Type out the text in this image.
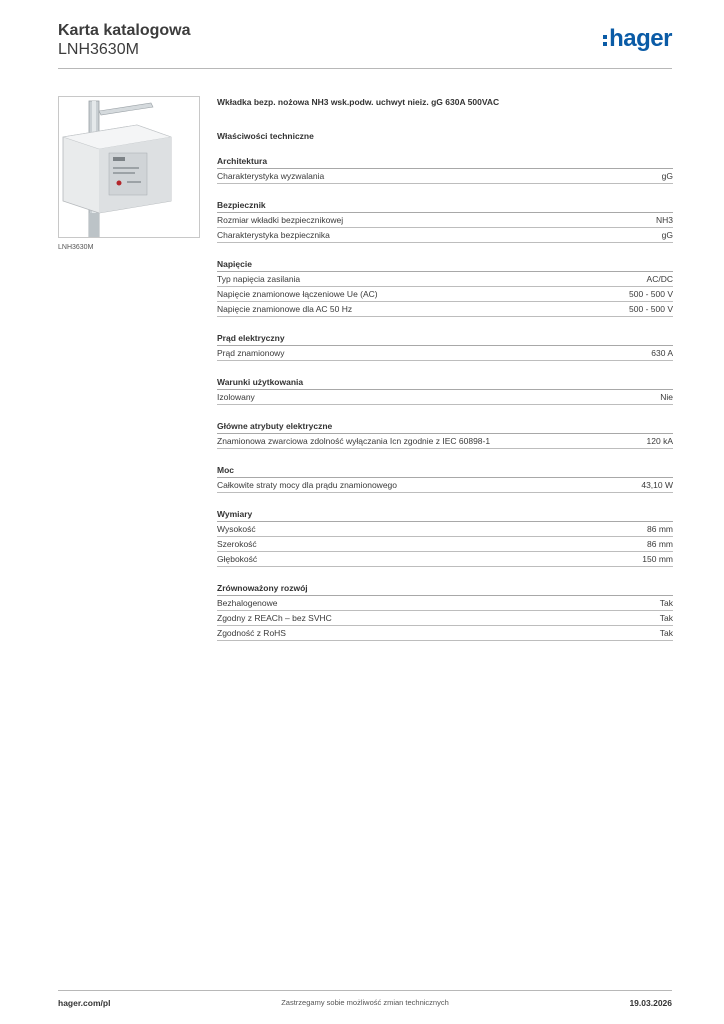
Karta katalogowa
LNH3630M	hager
LNH3630M
Wkładka bezp. nożowa NH3 wsk.podw. uchwyt nieiz. gG 630A 500VAC
Właściwości techniczne
Architektura
Charakterystyka wyzwalania	gG
Bezpiecznik
Rozmiar wkładki bezpiecznikowej	NH3
Charakterystyka bezpiecznika	gG
Napięcie
Typ napięcia zasilania	AC/DC
Napięcie znamionowe łączeniowe Ue (AC)	500 - 500 V
Napięcie znamionowe dla AC 50 Hz	500 - 500 V
Prąd elektryczny
Prąd znamionowy	630 A
Warunki użytkowania
Izolowany	Nie
Główne atrybuty elektryczne
Znamionowa zwarciowa zdolność wyłączania Icn zgodnie z IEC 60898-1	120 kA
Moc
Całkowite straty mocy dla prądu znamionowego	43,10 W
Wymiary
Wysokość	86 mm
Szerokość	86 mm
Głębokość	150 mm
Zrównoważony rozwój
Bezhalogenowe	Tak
Zgodny z REACh – bez SVHC	Tak
Zgodność z RoHS	Tak
hager.com/pl	Zastrzegamy sobie możliwość zmian technicznych	19.03.2026
